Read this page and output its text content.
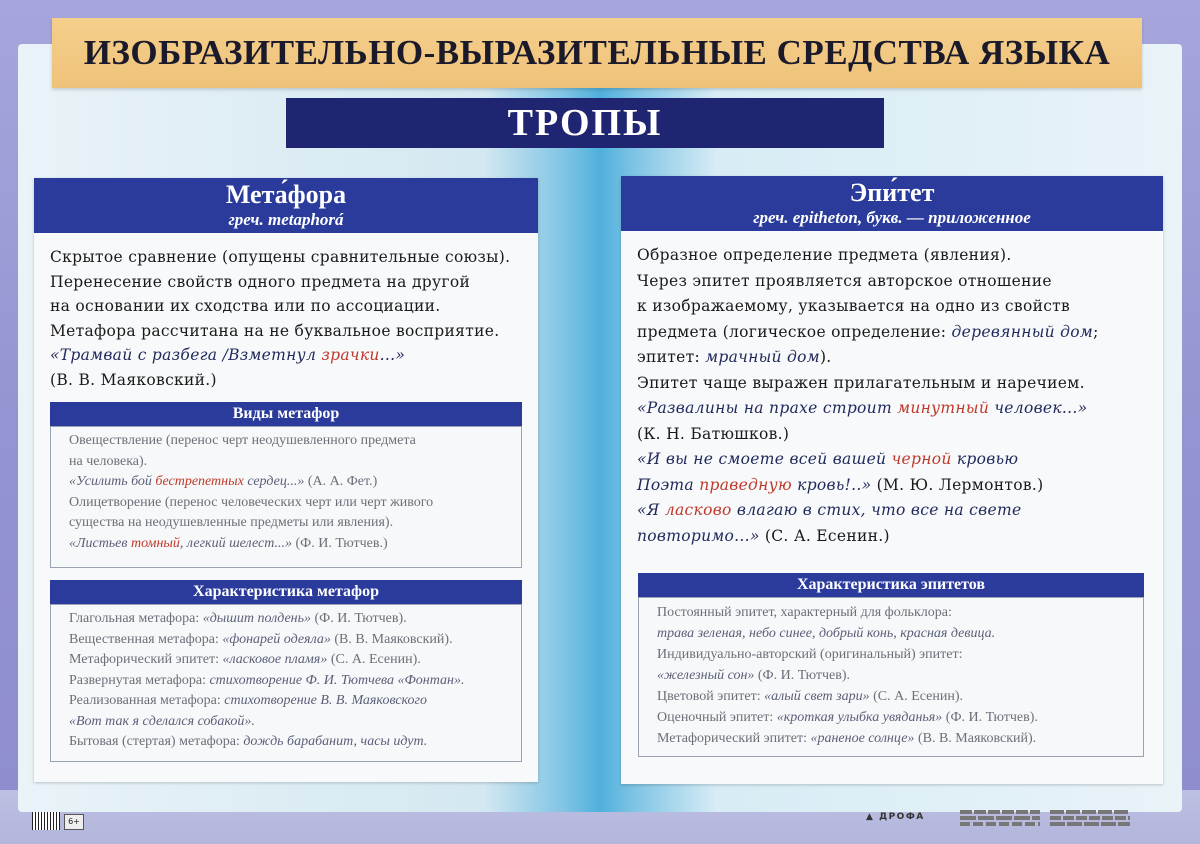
ИЗОБРАЗИТЕЛЬНО-ВЫРАЗИТЕЛЬНЫЕ СРЕДСТВА ЯЗЫКА
ТРОПЫ
Мета́фора
греч. metaphorá

Скрытое сравнение (опущены сравнительные союзы).

Перенесение свойств одного предмета на другой

на основании их сходства или по ассоциации.

Метафора рассчитана на не буквальное восприятие.

«Трамвай с разбега /Взметнул зрачки...»

(В. В. Маяковский.)

Виды метафор

Овеществление (перенос черт неодушевленного предмета

на человека).

«Усилить бой бестрепетных сердец...» (А. А. Фет.)

Олицетворение (перенос человеческих черт или черт живого

существа на неодушевленные предметы или явления).

«Листьев томный, легкий шелест...» (Ф. И. Тютчев.)

Характеристика метафор

Глагольная метафора: «дышит полдень» (Ф. И. Тютчев).

Вещественная метафора: «фонарей одеяла» (В. В. Маяковский).

Метафорический эпитет: «ласковое пламя» (С. А. Есенин).

Развернутая метафора: стихотворение Ф. И. Тютчева «Фонтан».

Реализованная метафора: стихотворение В. В. Маяковского

«Вот так я сделался собакой».

Бытовая (стертая) метафора: дождь барабанит, часы идут.

Эпи́тет
греч. epitheton, букв. — приложенное

Образное определение предмета (явления).

Через эпитет проявляется авторское отношение

к изображаемому, указывается на одно из свойств

предмета (логическое определение: деревянный дом;

эпитет: мрачный дом).

Эпитет чаще выражен прилагательным и наречием.

«Развалины на прахе строит минутный человек...»

(К. Н. Батюшков.)

«И вы не смоете всей вашей черной кровью

Поэта праведную кровь!..» (М. Ю. Лермонтов.)

«Я ласково влагаю в стих, что все на свете

повторимо...» (С. А. Есенин.)

Характеристика эпитетов

Постоянный эпитет, характерный для фольклора:

трава зеленая, небо синее, добрый конь, красная девица.

Индивидуально-авторский (оригинальный) эпитет:

«железный сон» (Ф. И. Тютчев).

Цветовой эпитет: «алый свет зари» (С. А. Есенин).

Оценочный эпитет: «кроткая улыбка увяданья» (Ф. И. Тютчев).

Метафорический эпитет: «раненое солнце» (В. В. Маяковский).

6+	▲ ДРОФА
